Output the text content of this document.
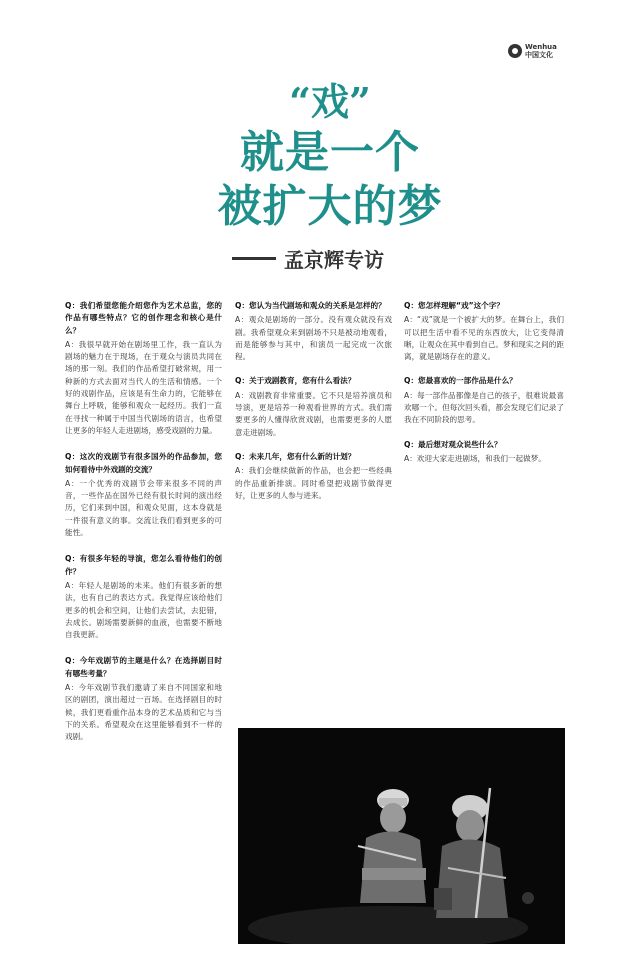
Wenhua
中国文化
“戏”
就是一个
被扩大的梦
孟京辉专访

Q：我们希望您能介绍您作为艺术总监，您的作品有哪些特点？它的创作理念和核心是什么？

A：我很早就开始在剧场里工作，我一直认为剧场的魅力在于现场，在于观众与演员共同在场的那一刻。我们的作品希望打破常规，用一种新的方式去面对当代人的生活和情感。一个好的戏剧作品，应该是有生命力的，它能够在舞台上呼吸，能够和观众一起经历。我们一直在寻找一种属于中国当代剧场的语言，也希望让更多的年轻人走进剧场，感受戏剧的力量。

Q：这次的戏剧节有很多国外的作品参加，您如何看待中外戏剧的交流？

A：一个优秀的戏剧节会带来很多不同的声音，一些作品在国外已经有很长时间的演出经历，它们来到中国，和观众见面，这本身就是一件很有意义的事。交流让我们看到更多的可能性。

Q：有很多年轻的导演，您怎么看待他们的创作？

A：年轻人是剧场的未来。他们有很多新的想法，也有自己的表达方式。我觉得应该给他们更多的机会和空间，让他们去尝试，去犯错，去成长。剧场需要新鲜的血液，也需要不断地自我更新。

Q：今年戏剧节的主题是什么？在选择剧目时有哪些考量？

A：今年戏剧节我们邀请了来自不同国家和地区的剧团，演出超过一百场。在选择剧目的时候，我们更看重作品本身的艺术品质和它与当下的关系。希望观众在这里能够看到不一样的戏剧。

Q：您认为当代剧场和观众的关系是怎样的？

A：观众是剧场的一部分。没有观众就没有戏剧。我希望观众来到剧场不只是被动地观看，而是能够参与其中，和演员一起完成一次旅程。

Q：关于戏剧教育，您有什么看法？

A：戏剧教育非常重要。它不只是培养演员和导演，更是培养一种观看世界的方式。我们需要更多的人懂得欣赏戏剧，也需要更多的人愿意走进剧场。

Q：未来几年，您有什么新的计划？

A：我们会继续做新的作品，也会把一些经典的作品重新排演。同时希望把戏剧节做得更好，让更多的人参与进来。

Q：您怎样理解“戏”这个字？

A：“戏”就是一个被扩大的梦。在舞台上，我们可以把生活中看不见的东西放大，让它变得清晰，让观众在其中看到自己。梦和现实之间的距离，就是剧场存在的意义。

Q：您最喜欢的一部作品是什么？

A：每一部作品都像是自己的孩子，很难说最喜欢哪一个。但每次回头看，都会发现它们记录了我在不同阶段的思考。

Q：最后想对观众说些什么？

A：欢迎大家走进剧场，和我们一起做梦。
